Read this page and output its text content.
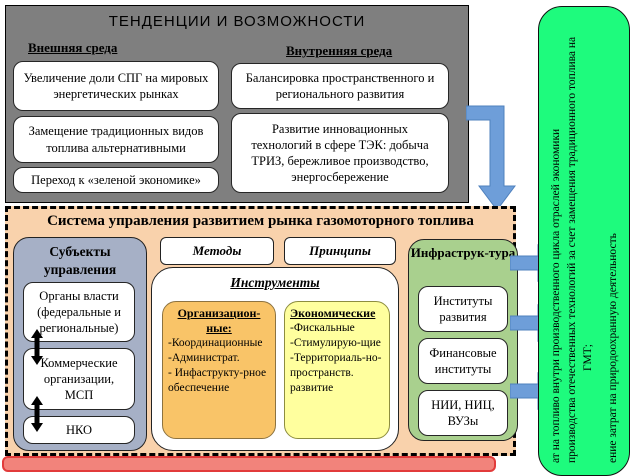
ТЕНДЕНЦИИ И ВОЗМОЖНОСТИ
Внешняя среда	Внутренняя среда
Увеличение доли СПГ на мировых энергетических рынках
Замещение традиционных видов топлива альтернативными
Переход к «зеленой экономике»
Балансировка пространственного и регионального развития
Развитие инновационных технологий в сфере ТЭК: добыча ТРИЗ, бережливое производство, энергосбережение
Система управления развитием рынка газомоторного топлива
Субъекты управления
Органы власти (федеральные и региональные)
Коммерческие организации, МСП
НКО
Методы	Принципы
Инструменты
Организацион-ные:
-Координационные
-Администрат.
- Инфаструкту-рное обеспечение
Экономические
-Фискальные
-Стимулирую-щие
-Территориаль-но-пространств. развитие
Инфраструк-тура
Институты развития
Финансовые институты
НИИ, НИЦ, ВУЗы	ат на топливо внутри производственного цикла отраслей экономики производства отечественных технологий за счет замещения традиционного топлива на ГМТ; ение затрат на природоохранную деятельность
